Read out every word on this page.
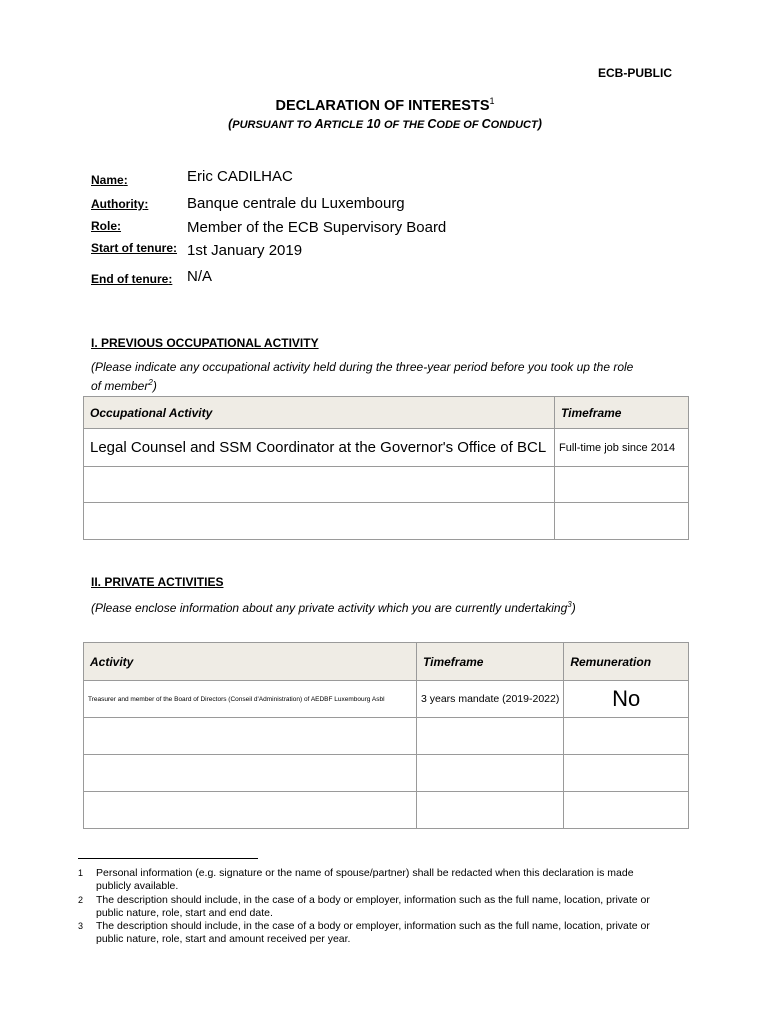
ECB-PUBLIC
DECLARATION OF INTERESTS$^1$
(PURSUANT TO ARTICLE 10 OF THE CODE OF CONDUCT)
Name:	Eric CADILHAC
Authority:	Banque centrale du Luxembourg
Role:	Member of the ECB Supervisory Board
Start of tenure: 1st January 2019
End of tenure: N/A
I. PREVIOUS OCCUPATIONAL ACTIVITY
(Please indicate any occupational activity held during the three-year period before you took up the role
of member$^2$)
Occupational Activity	Timeframe
Legal Counsel and SSM Coordinator at the Governor's Office of BCL	Full-time job since 2014

II. PRIVATE ACTIVITIES
(Please enclose information about any private activity which you are currently undertaking$^3$)
Activity	Timeframe	Remuneration
Treasurer and member of the Board of Directors (Conseil d'Administration) of AEDBF Luxembourg Asbl	3 years mandate (2019-2022)	No

1 Personal information (e.g. signature or the name of spouse/partner) shall be redacted when this declaration is made
publicly available.
2 The description should include, in the case of a body or employer, information such as the full name, location, private or
public nature, role, start and end date.
3 The description should include, in the case of a body or employer, information such as the full name, location, private or
public nature, role, start and amount received per year.
